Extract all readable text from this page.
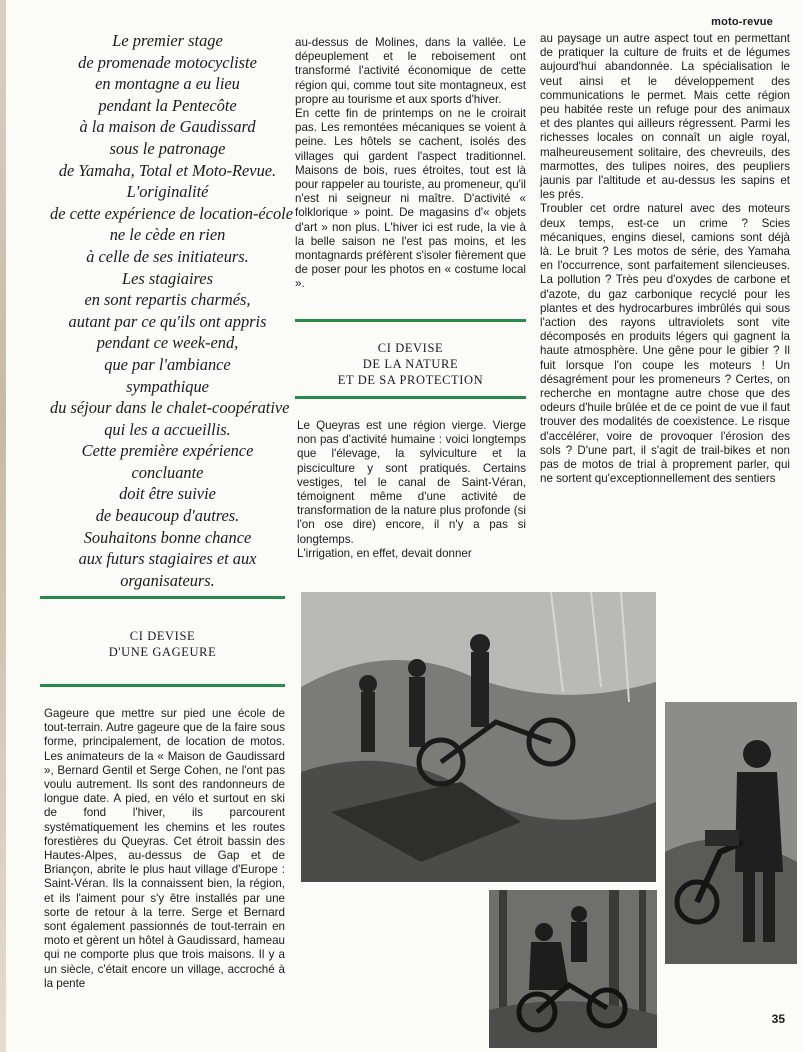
moto-revue
Le premier stage
de promenade motocycliste
en montagne a eu lieu
pendant la Pentecôte
à la maison de Gaudissard
sous le patronage
de Yamaha, Total et Moto-Revue.
L'originalité
de cette expérience de location-école
ne le cède en rien
à celle de ses initiateurs.
Les stagiaires
en sont repartis charmés,
autant par ce qu'ils ont appris
pendant ce week-end,
que par l'ambiance
sympathique
du séjour dans le chalet-coopérative
qui les a accueillis.
Cette première expérience
concluante
doit être suivie
de beaucoup d'autres.
Souhaitons bonne chance
aux futurs stagiaires et aux
organisateurs.
CI DEVISE
D'UNE GAGEURE

Gageure que mettre sur pied une école de tout-terrain. Autre gageure que de la faire sous forme, principalement, de location de motos. Les animateurs de la « Maison de Gaudissard », Bernard Gentil et Serge Cohen, ne l'ont pas voulu autrement. Ils sont des randonneurs de longue date. A pied, en vélo et surtout en ski de fond l'hiver, ils parcourent systématiquement les chemins et les routes forestières du Queyras. Cet étroit bassin des Hautes-Alpes, au-dessus de Gap et de Briançon, abrite le plus haut village d'Europe : Saint-Véran. Ils la connaissent bien, la région, et ils l'aiment pour s'y être installés par une sorte de retour à la terre. Serge et Bernard sont également passionnés de tout-terrain en moto et gèrent un hôtel à Gaudissard, hameau qui ne comporte plus que trois maisons. Il y a un siècle, c'était encore un village, accroché à la pente

au-dessus de Molines, dans la vallée. Le dépeuplement et le reboisement ont transformé l'activité économique de cette région qui, comme tout site montagneux, est propre au tourisme et aux sports d'hiver.

En cette fin de printemps on ne le croirait pas. Les remontées mécaniques se voient à peine. Les hôtels se cachent, isolés des villages qui gardent l'aspect traditionnel. Maisons de bois, rues étroites, tout est là pour rappeler au touriste, au promeneur, qu'il n'est ni seigneur ni maître. D'activité « folklorique » point. De magasins d'« objets d'art » non plus. L'hiver ici est rude, la vie à la belle saison ne l'est pas moins, et les montagnards préfèrent s'isoler fièrement que de poser pour les photos en « costume local ».

CI DEVISE
DE LA NATURE
ET DE SA PROTECTION

Le Queyras est une région vierge. Vierge non pas d'activité humaine : voici longtemps que l'élevage, la sylviculture et la pisciculture y sont pratiqués. Certains vestiges, tel le canal de Saint-Véran, témoignent même d'une activité de transformation de la nature plus profonde (si l'on ose dire) encore, il n'y a pas si longtemps.

L'irrigation, en effet, devait donner

au paysage un autre aspect tout en permettant de pratiquer la culture de fruits et de légumes aujourd'hui abandonnée. La spécialisation le veut ainsi et le développement des communications le permet. Mais cette région peu habitée reste un refuge pour des animaux et des plantes qui ailleurs régressent. Parmi les richesses locales on connaît un aigle royal, malheureusement solitaire, des chevreuils, des marmottes, des tulipes noires, des peupliers jaunis par l'altitude et au-dessus les sapins et les prés.

Troubler cet ordre naturel avec des moteurs deux temps, est-ce un crime ? Scies mécaniques, engins diesel, camions sont déjà là. Le bruit ? Les motos de série, des Yamaha en l'occurrence, sont parfaitement silencieuses. La pollution ? Très peu d'oxydes de carbone et d'azote, du gaz carbonique recyclé pour les plantes et des hydrocarbures imbrûlés qui sous l'action des rayons ultraviolets sont vite décomposés en produits légers qui gagnent la haute atmosphère. Une gêne pour le gibier ? Il fuit lorsque l'on coupe les moteurs ! Un désagrément pour les promeneurs ? Certes, on recherche en montagne autre chose que des odeurs d'huile brûlée et de ce point de vue il faut trouver des modalités de coexistence. Le risque d'accélérer, voire de provoquer l'érosion des sols ? D'une part, il s'agit de trail-bikes et non pas de motos de trial à proprement parler, qui ne sortent qu'exceptionnellement des sentiers

35
